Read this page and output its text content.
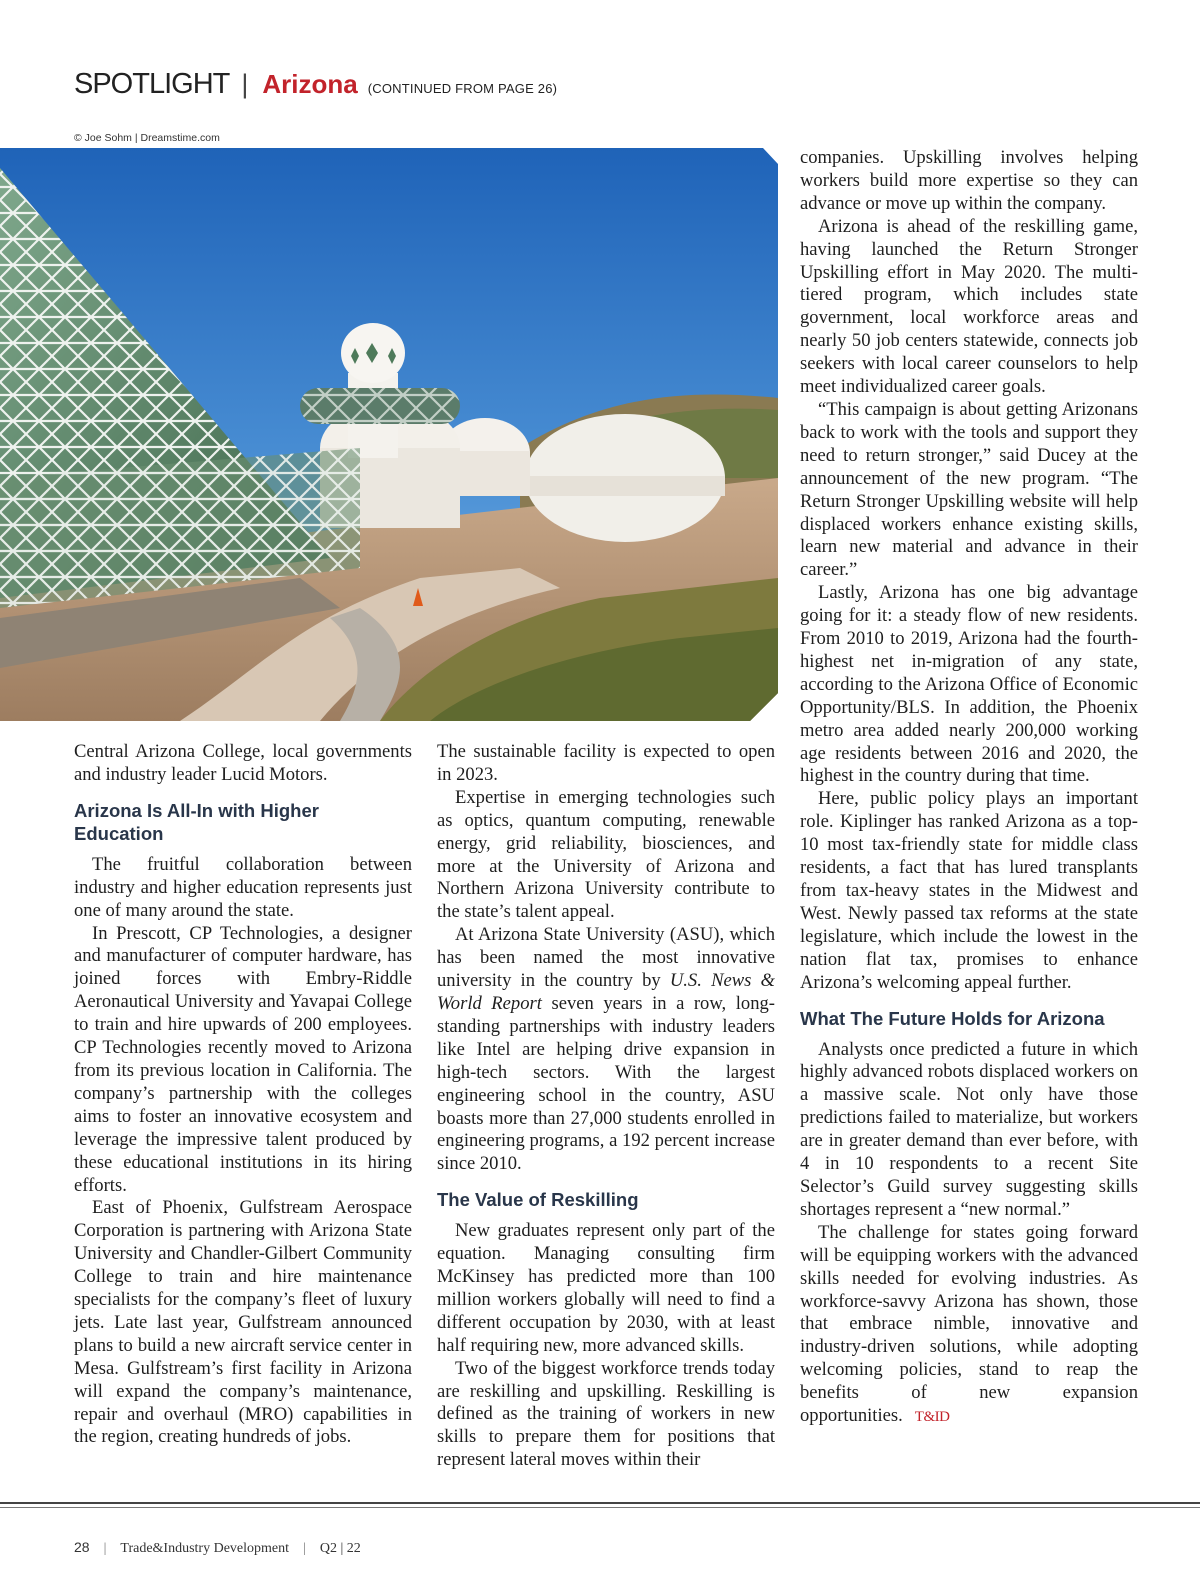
SPOTLIGHT | Arizona (CONTINUED FROM PAGE 26)
© Joe Sohm | Dreamstime.com

Central Arizona College, local governments and industry leader Lucid Motors.

Arizona Is All-In with Higher Education

The fruitful collaboration between industry and higher education represents just one of many around the state.

In Prescott, CP Technologies, a designer and manufacturer of computer hardware, has joined forces with Embry-Riddle Aeronautical University and Yavapai College to train and hire upwards of 200 employees. CP Technologies recently moved to Arizona from its previous location in California. The company’s partnership with the colleges aims to foster an innovative ecosystem and leverage the impressive talent produced by these educational institutions in its hiring efforts.

East of Phoenix, Gulfstream Aerospace Corporation is partnering with Arizona State University and Chandler-Gilbert Community College to train and hire maintenance specialists for the company’s fleet of luxury jets. Late last year, Gulfstream announced plans to build a new aircraft service center in Mesa. Gulfstream’s first facility in Arizona will expand the company’s maintenance, repair and overhaul (MRO) capabilities in the region, creating hundreds of jobs.

The sustainable facility is expected to open in 2023.

Expertise in emerging technologies such as optics, quantum computing, renewable energy, grid reliability, biosciences, and more at the University of Arizona and Northern Arizona University contribute to the state’s talent appeal.

At Arizona State University (ASU), which has been named the most innovative university in the country by U.S. News & World Report seven years in a row, long-standing partnerships with industry leaders like Intel are helping drive expansion in high-tech sectors. With the largest engineering school in the country, ASU boasts more than 27,000 students enrolled in engineering programs, a 192 percent increase since 2010.

The Value of Reskilling

New graduates represent only part of the equation. Managing consulting firm McKinsey has predicted more than 100 million workers globally will need to find a different occupation by 2030, with at least half requiring new, more advanced skills.

Two of the biggest workforce trends today are reskilling and upskilling. Reskilling is defined as the training of workers in new skills to prepare them for positions that represent lateral moves within their

companies. Upskilling involves helping workers build more expertise so they can advance or move up within the company.

Arizona is ahead of the reskilling game, having launched the Return Stronger Upskilling effort in May 2020. The multi-tiered program, which includes state government, local workforce areas and nearly 50 job centers statewide, connects job seekers with local career counselors to help meet individualized career goals.

“This campaign is about getting Arizonans back to work with the tools and support they need to return stronger,” said Ducey at the announcement of the new program. “The Return Stronger Upskilling website will help displaced workers enhance existing skills, learn new material and advance in their career.”

Lastly, Arizona has one big advantage going for it: a steady flow of new residents. From 2010 to 2019, Arizona had the fourth-highest net in-migration of any state, according to the Arizona Office of Economic Opportunity/BLS. In addition, the Phoenix metro area added nearly 200,000 working age residents between 2016 and 2020, the highest in the country during that time.

Here, public policy plays an important role. Kiplinger has ranked Arizona as a top-10 most tax-friendly state for middle class residents, a fact that has lured transplants from tax-heavy states in the Midwest and West. Newly passed tax reforms at the state legislature, which include the lowest in the nation flat tax, promises to enhance Arizona’s welcoming appeal further.

What The Future Holds for Arizona

Analysts once predicted a future in which highly advanced robots displaced workers on a massive scale. Not only have those predictions failed to materialize, but workers are in greater demand than ever before, with 4 in 10 respondents to a recent Site Selector’s Guild survey suggesting skills shortages represent a “new normal.”

The challenge for states going forward will be equipping workers with the advanced skills needed for evolving industries. As workforce-savvy Arizona has shown, those that embrace nimble, innovative and industry-driven solutions, while adopting welcoming policies, stand to reap the benefits of new expansion opportunities. T&ID

28 | Trade&Industry Development | Q2 | 22
